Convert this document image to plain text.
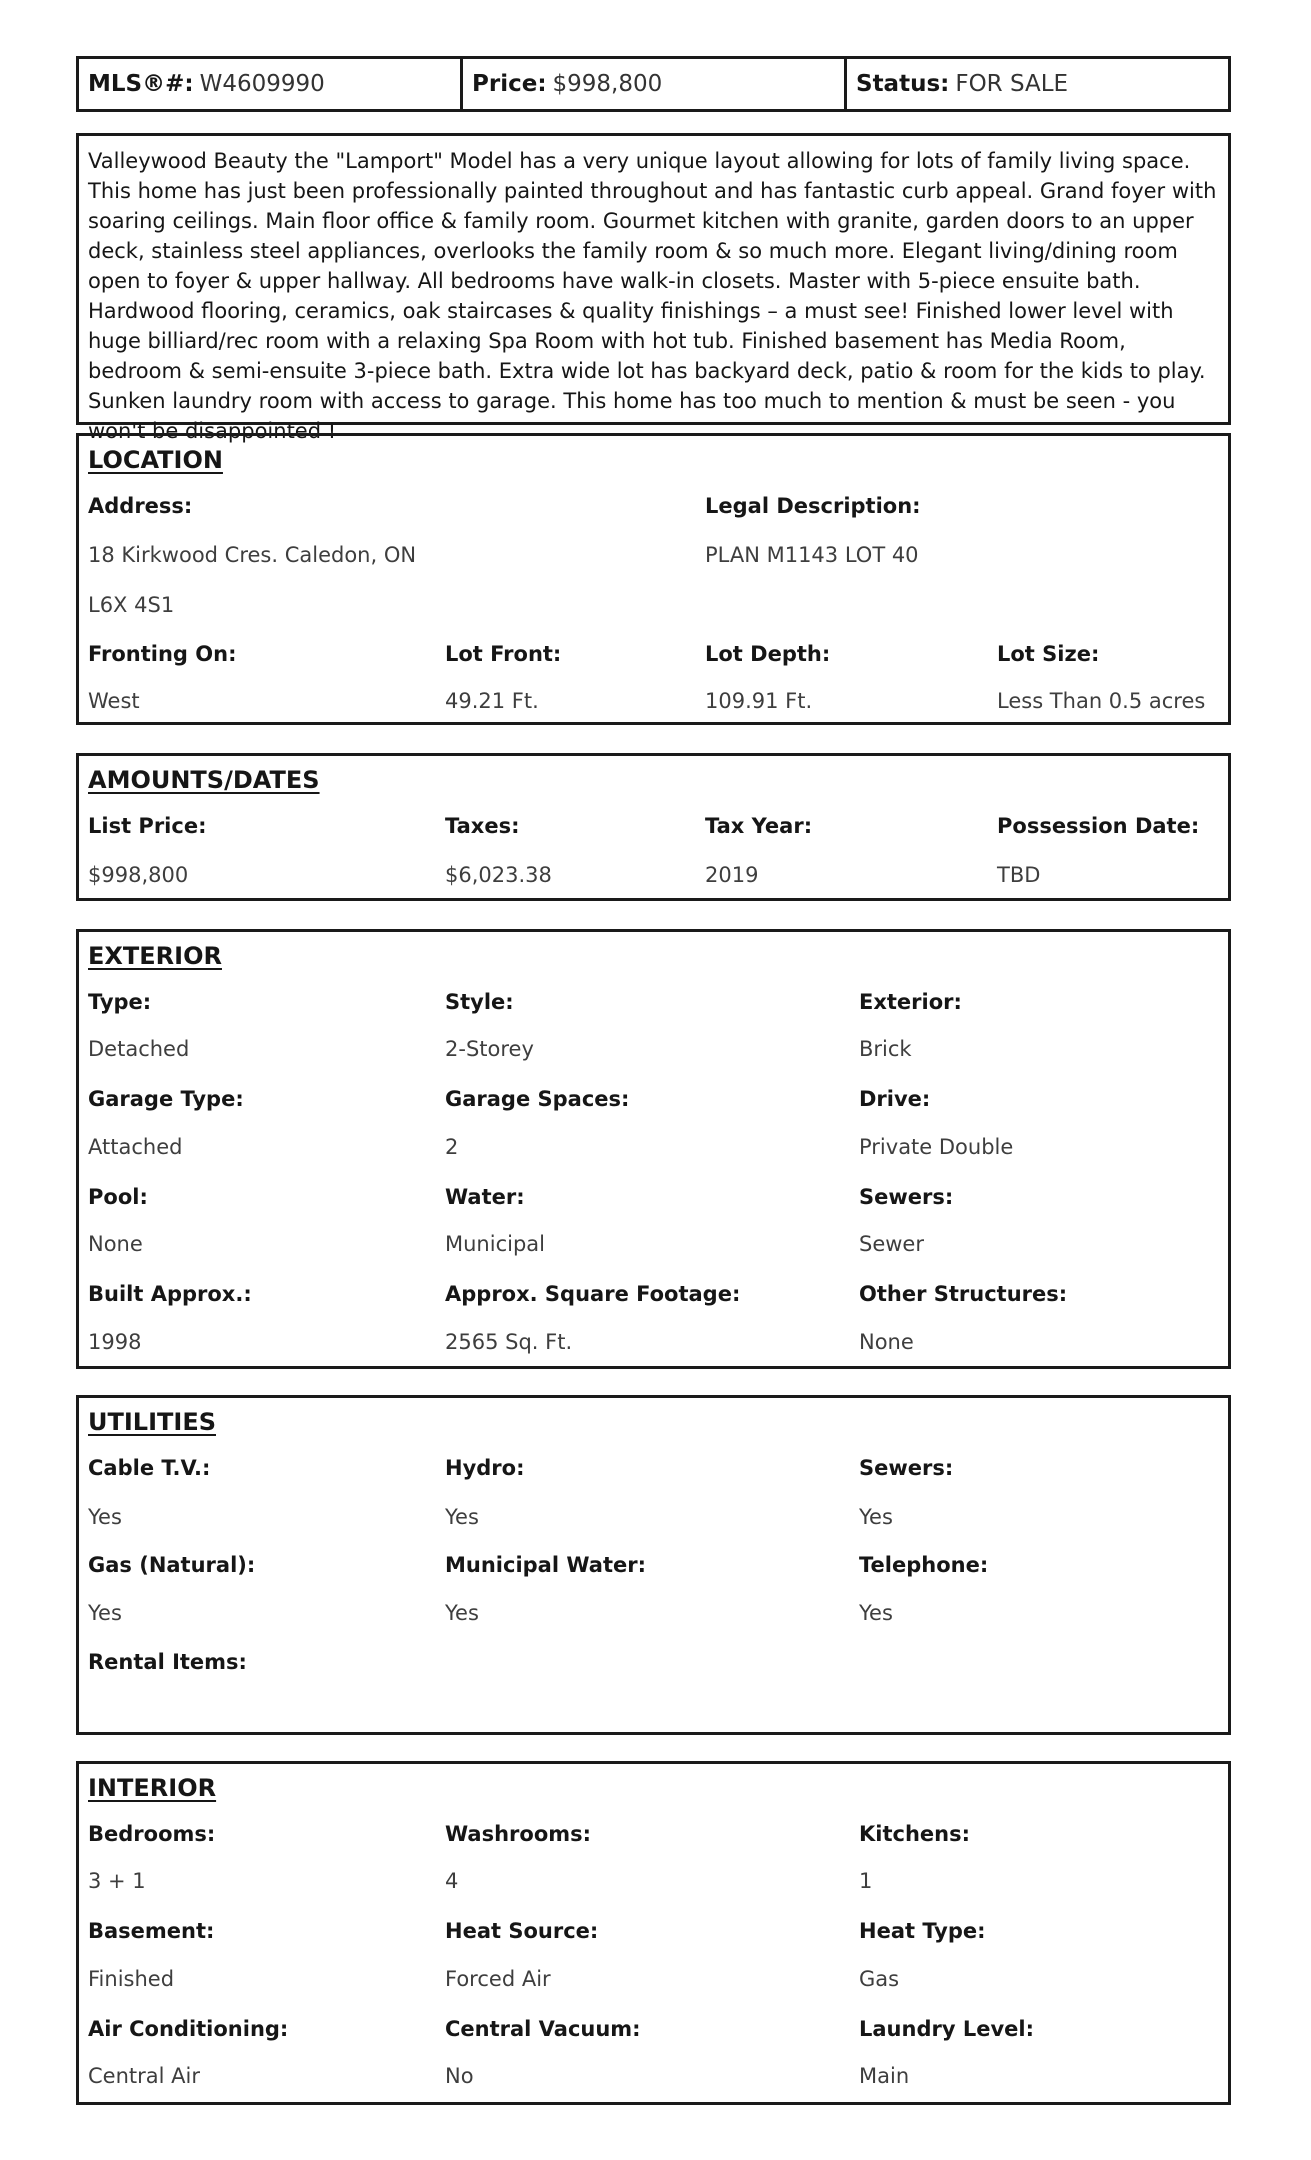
MLS®#: W4609990	Price: $998,800	Status: FOR SALE
Valleywood Beauty the "Lamport" Model has a very unique layout allowing for lots of family living space. This home has just been professionally painted throughout and has fantastic curb appeal. Grand foyer with soaring ceilings. Main floor office & family room. Gourmet kitchen with granite, garden doors to an upper deck, stainless steel appliances, overlooks the family room & so much more. Elegant living/dining room open to foyer & upper hallway. All bedrooms have walk-in closets. Master with 5-piece ensuite bath. Hardwood flooring, ceramics, oak staircases & quality finishings – a must see! Finished lower level with huge billiard/rec room with a relaxing Spa Room with hot tub. Finished basement has Media Room, bedroom & semi-ensuite 3-piece bath. Extra wide lot has backyard deck, patio & room for the kids to play. Sunken laundry room with access to garage. This home has too much to mention & must be seen - you won't be disappointed !
LOCATION
Address:	Legal Description:
18 Kirkwood Cres. Caledon, ON	PLAN M1143 LOT 40
L6X 4S1
Fronting On:	Lot Front:	Lot Depth:	Lot Size:
West	49.21 Ft.	109.91 Ft.	Less Than 0.5 acres
AMOUNTS/DATES
List Price:	Taxes:	Tax Year:	Possession Date:
$998,800	$6,023.38	2019	TBD
EXTERIOR
Type:	Style:	Exterior:
Detached	2-Storey	Brick
Garage Type:	Garage Spaces:	Drive:
Attached	2	Private Double
Pool:	Water:	Sewers:
None	Municipal	Sewer
Built Approx.:	Approx. Square Footage:	Other Structures:
1998	2565 Sq. Ft.	None
UTILITIES
Cable T.V.:	Hydro:	Sewers:
Yes	Yes	Yes
Gas (Natural):	Municipal Water:	Telephone:
Yes	Yes	Yes
Rental Items:
INTERIOR
Bedrooms:	Washrooms:	Kitchens:
3 + 1	4	1
Basement:	Heat Source:	Heat Type:
Finished	Forced Air	Gas
Air Conditioning:	Central Vacuum:	Laundry Level:
Central Air	No	Main
